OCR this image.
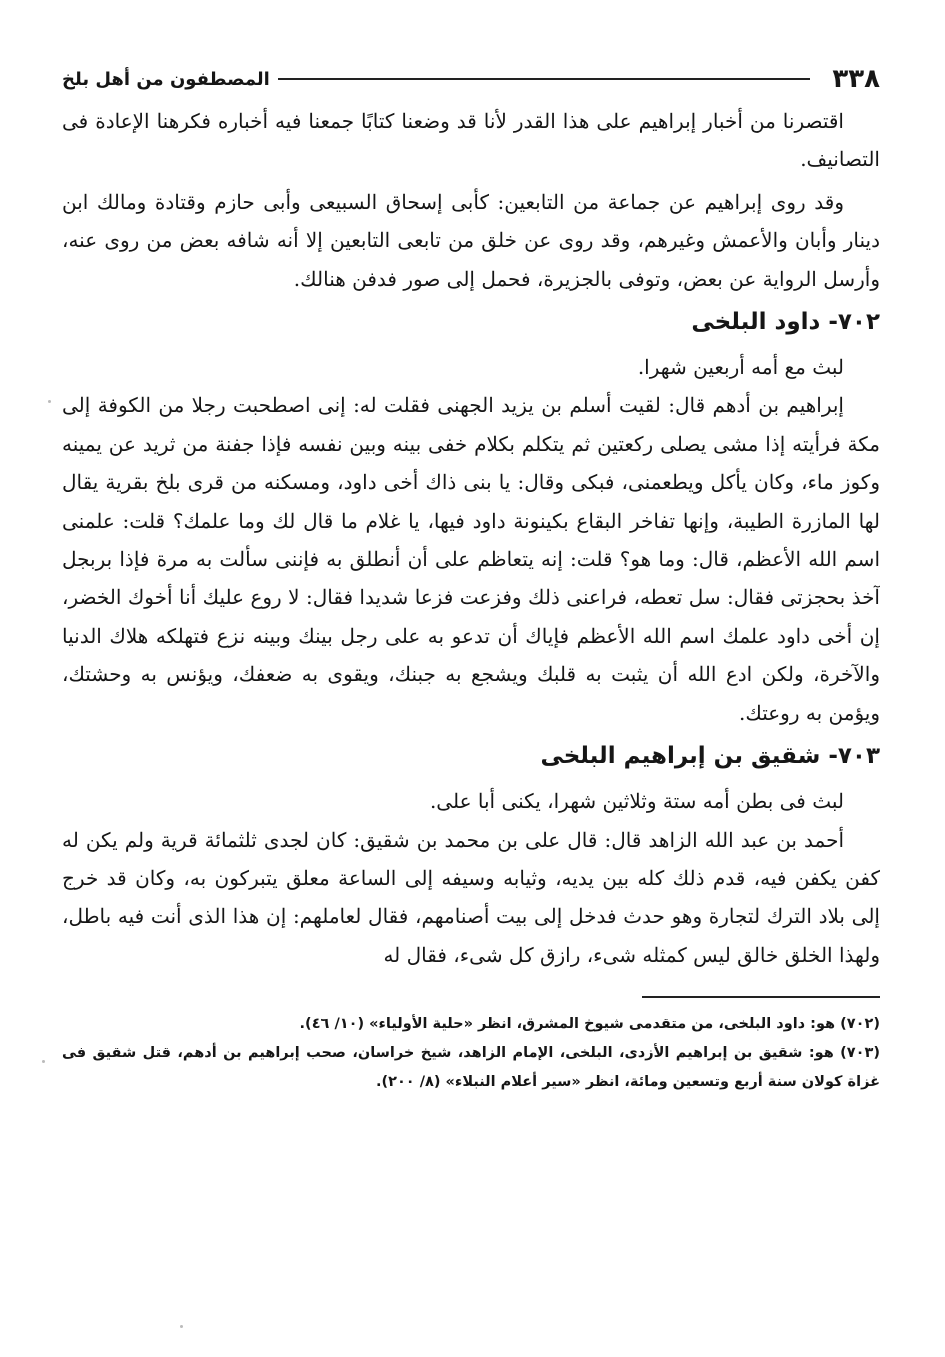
٣٣٨
المصطفون من أهل بلخ

اقتصرنا من أخبار إبراهيم على هذا القدر لأنا قد وضعنا كتابًا جمعنا فيه أخباره فكرهنا الإعادة فى التصانيف.

وقد روى إبراهيم عن جماعة من التابعين: كأبى إسحاق السبيعى وأبى حازم وقتادة ومالك ابن دينار وأبان والأعمش وغيرهم، وقد روى عن خلق من تابعى التابعين إلا أنه شافه بعض من روى عنه، وأرسل الرواية عن بعض، وتوفى بالجزيرة، فحمل إلى صور فدفن هنالك.

٧٠٢- داود البلخى

لبث مع أمه أربعين شهرا.

إبراهيم بن أدهم قال: لقيت أسلم بن يزيد الجهنى فقلت له: إنى اصطحبت رجلا من الكوفة إلى مكة فرأيته إذا مشى يصلى ركعتين ثم يتكلم بكلام خفى بينه وبين نفسه فإذا جفنة من ثريد عن يمينه وكوز ماء، وكان يأكل ويطعمنى، فبكى وقال: يا بنى ذاك أخى داود، ومسكنه من قرى بلخ بقرية يقال لها المازرة الطيبة، وإنها تفاخر البقاع بكينونة داود فيها، يا غلام ما قال لك وما علمك؟ قلت: علمنى اسم الله الأعظم، قال: وما هو؟ قلت: إنه يتعاظم على أن أنطلق به فإننى سألت به مرة فإذا بربجل آخذ بحجزتى فقال: سل تعطه، فراعنى ذلك وفزعت فزعا شديدا فقال: لا روع عليك أنا أخوك الخضر، إن أخى داود علمك اسم الله الأعظم فإياك أن تدعو به على رجل بينك وبينه نزع فتهلكه هلاك الدنيا والآخرة، ولكن ادع الله أن يثبت به قلبك ويشجع به جبنك، ويقوى به ضعفك، ويؤنس به وحشتك، ويؤمن به روعتك.

٧٠٣- شقيق بن إبراهيم البلخى

لبث فى بطن أمه ستة وثلاثين شهرا، يكنى أبا على.

أحمد بن عبد الله الزاهد قال: قال على بن محمد بن شقيق: كان لجدى ثلثمائة قرية ولم يكن له كفن يكفن فيه، قدم ذلك كله بين يديه، وثيابه وسيفه إلى الساعة معلق يتبركون به، وكان قد خرج إلى بلاد الترك لتجارة وهو حدث فدخل إلى بيت أصنامهم، فقال لعاملهم: إن هذا الذى أنت فيه باطل، ولهذا الخلق خالق ليس كمثله شىء، رازق كل شىء، فقال له

(٧٠٢) هو: داود البلخى، من متقدمى شيوخ المشرق، انظر «حلية الأولياء» (١٠/ ٤٦).

(٧٠٣) هو: شقيق بن إبراهيم الأزدى، البلخى، الإمام الزاهد، شيخ خراسان، صحب إبراهيم بن أدهم، قتل شقيق فى غزاة كولان سنة أربع وتسعين ومائة، انظر «سير أعلام النبلاء» (٨/ ٢٠٠).
